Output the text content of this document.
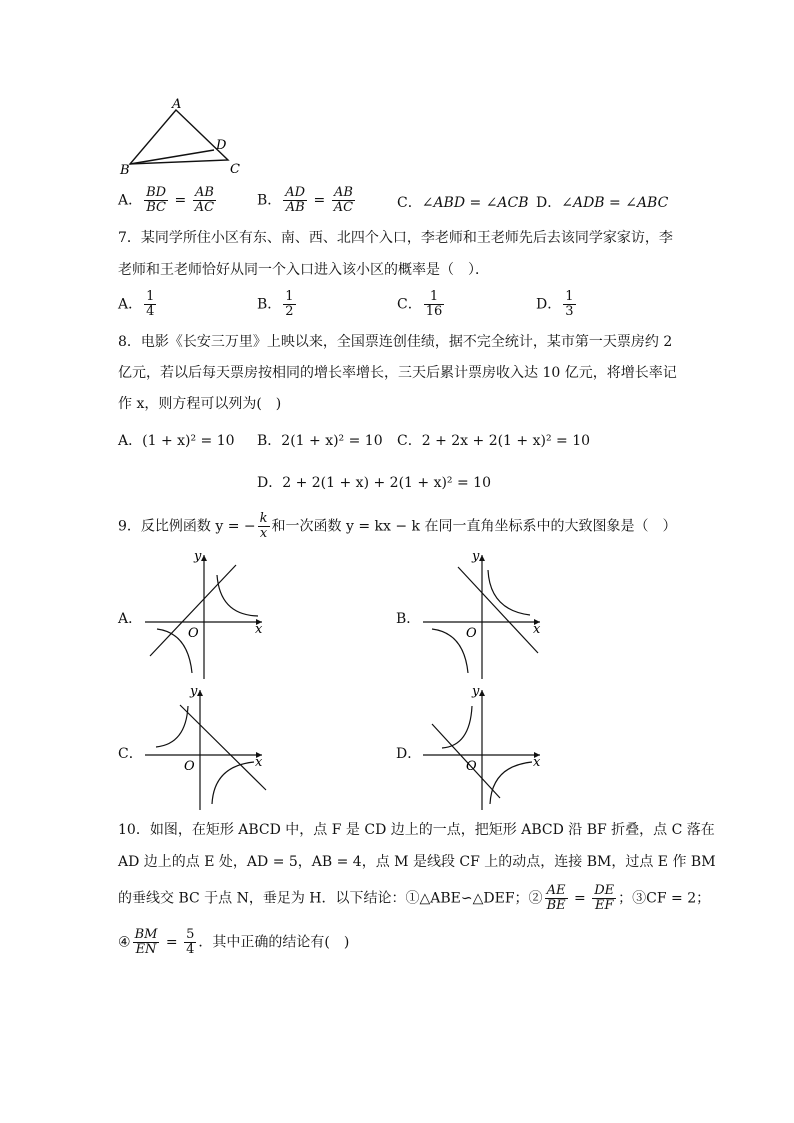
A
B	C
D
A． $\frac{BD}{BC} = \frac{AB}{AC}$	B． $\frac{AD}{AB} = \frac{AB}{AC}$	C．∠ABD = ∠ACB D．∠ADB = ∠ABC
7．某同学所住小区有东、南、西、北四个入口，李老师和王老师先后去该同学家家访，李
老师和王老师恰好从同一个入口进入该小区的概率是（　）．
A． $\frac{1}{4}$	B． $\frac{1}{2}$	C． $\frac{1}{16}$	D． $\frac{1}{3}$
8．电影《长安三万里》上映以来，全国票连创佳绩，据不完全统计，某市第一天票房约 2
亿元，若以后每天票房按相同的增长率增长，三天后累计票房收入达 10 亿元，将增长率记
作 x，则方程可以列为(　)
A．(1 + x)² = 10 B．2(1 + x)² = 10 C．2 + 2x + 2(1 + x)² = 10
D．2 + 2(1 + x) + 2(1 + x)² = 10
9．反比例函数 y = − $\frac{k}{x}$ 和一次函数 y = kx − k 在同一直角坐标系中的大致图象是（　）
A．
x
y
O
B．
x
y
O
C．
x
y
O
D．
x
y
O
10．如图，在矩形 ABCD 中，点 F 是 CD 边上的一点，把矩形 ABCD 沿 BF 折叠，点 C 落在
AD 边上的点 E 处，AD = 5，AB = 4，点 M 是线段 CF 上的动点，连接 BM，过点 E 作 BM
的垂线交 BC 于点 N，垂足为 H．以下结论：①△ABE∽△DEF；② $\frac{AE}{BE} = \frac{DE}{EF}$ ；③CF = 2；
④ $\frac{BM}{EN} = \frac{5}{4}$ ．其中正确的结论有(　)
